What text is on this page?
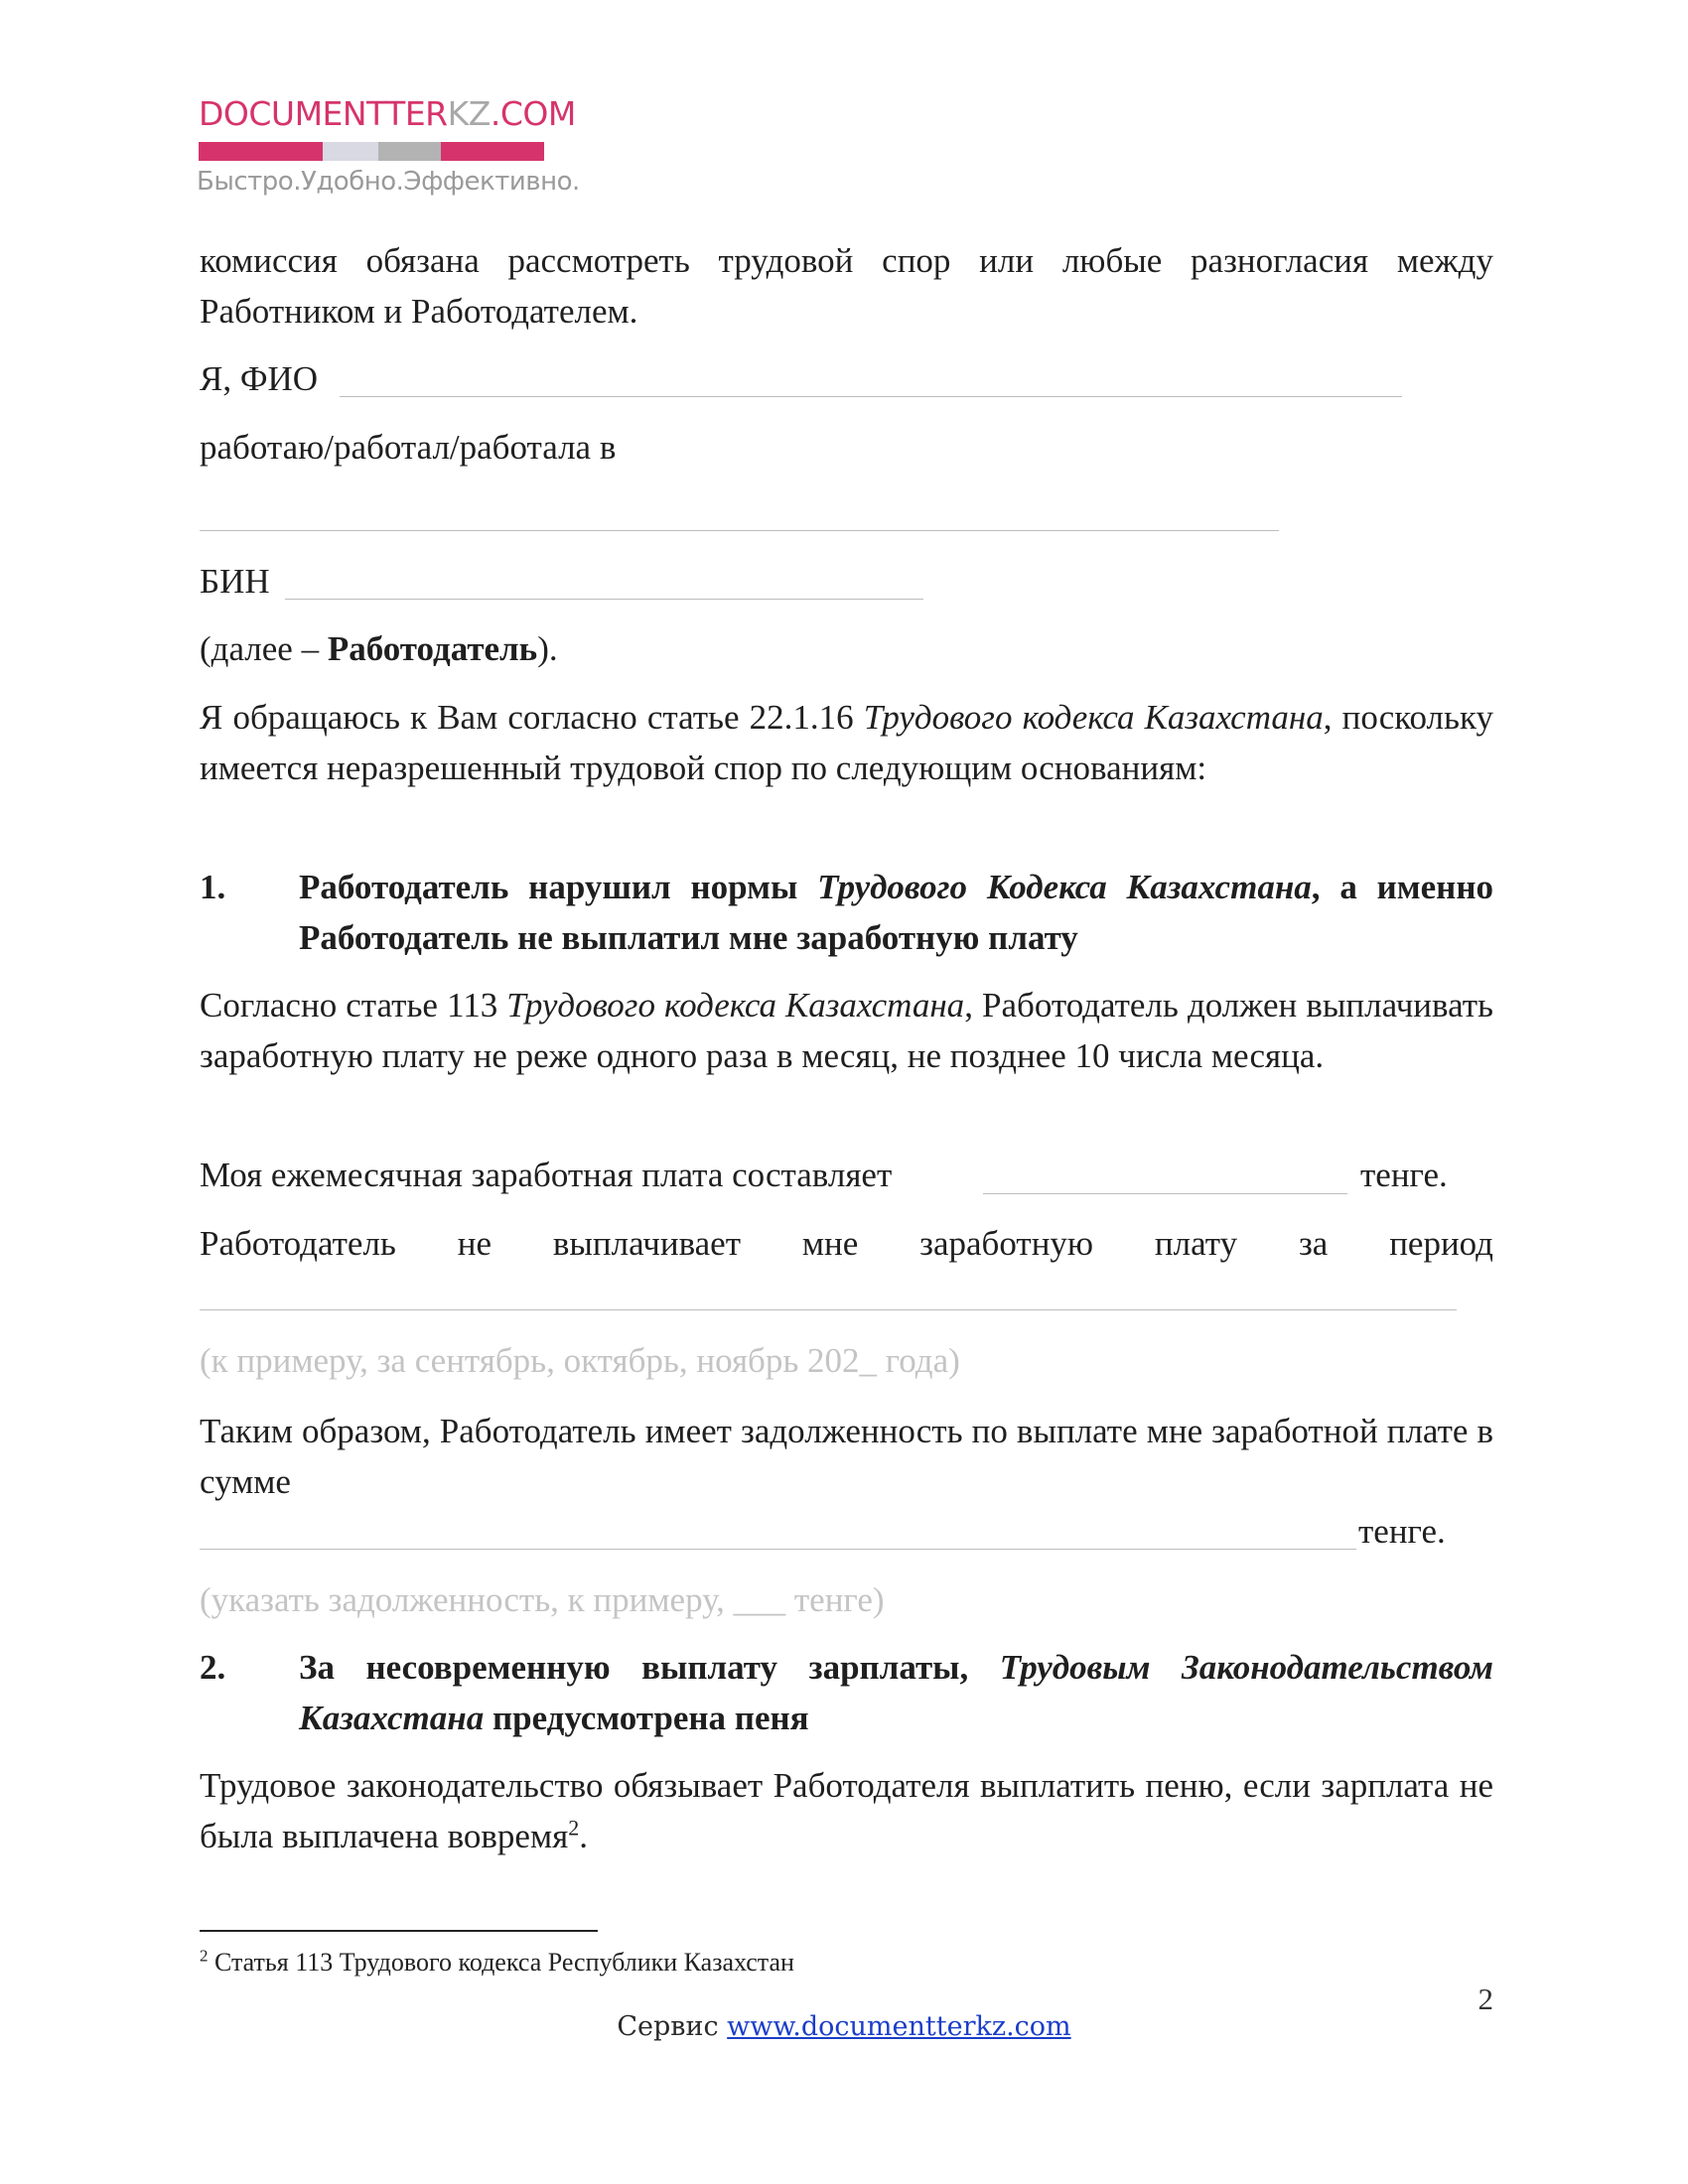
DOCUMENTTERKZ.COM
Быстро.Удобно.Эффективно.

комиссия обязана рассмотреть трудовой спор или любые разногласия между

Работником и Работодателем.

Я, ФИО

работаю/работал/работала в

БИН

(далее – Работодатель).

Я обращаюсь к Вам согласно статье 22.1.16 Трудового кодекса Казахстана, поскольку имеется неразрешенный трудовой спор по следующим основаниям:

1. Работодатель нарушил нормы Трудового Кодекса Казахстана, а именно Работодатель не выплатил мне заработную плату

Согласно статье 113 Трудового кодекса Казахстана, Работодатель должен выплачивать заработную плату не реже одного раза в месяц, не позднее 10 числа месяца.

Моя ежемесячная заработная плата составляет	тенге.

Работодатель не выплачивает мне заработную плату за период

(к примеру, за сентябрь, октябрь, ноябрь 202_ года)

Таким образом, Работодатель имеет задолженность по выплате мне заработной плате в сумме

тенге.

(указать задолженность, к примеру, ___ тенге)

2. За несовременную выплату зарплаты, Трудовым Законодательством Казахстана предусмотрена пеня

Трудовое законодательство обязывает Работодателя выплатить пеню, если зарплата не была выплачена вовремя$^2$.

$^2$ Статья 113 Трудового кодекса Республики Казахстан
2
Сервис www.documentterkz.com
